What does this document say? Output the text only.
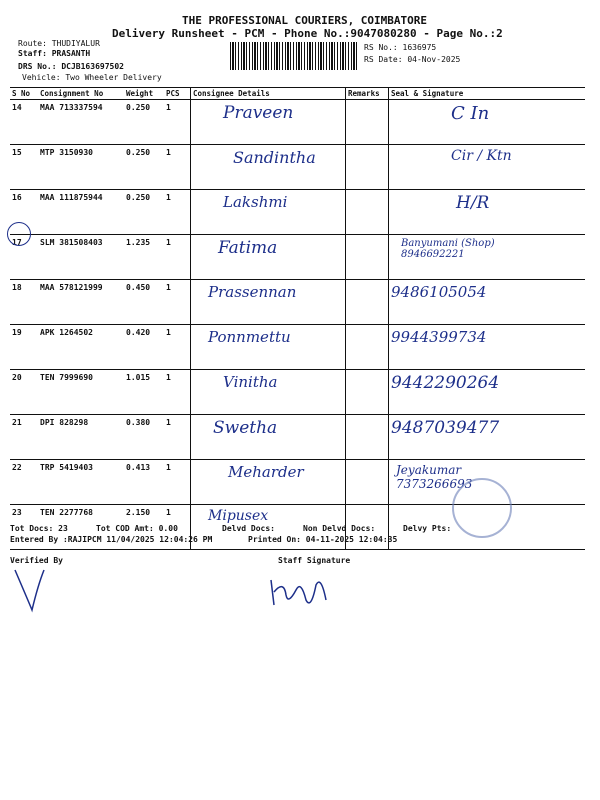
THE PROFESSIONAL COURIERS, COIMBATORE
Delivery Runsheet - PCM - Phone No.:9047080280 - Page No.:2
Route: THUDIYALUR
Staff: PRASANTH
DRS No.: DCJB163697502
Vehicle: Two Wheeler Delivery
RS No.: 1636975
RS Date: 04-Nov-2025
S No	Consignment No	Weight	PCS	Consignee Details	Remarks	Seal & Signature
14	MAA 713337594	0.250	1	Praveen		C In
15	MTP 3150930	0.250	1	Sandintha		Cir / Ktn
16	MAA 111875944	0.250	1	Lakshmi		H/R
17	SLM 381508403	1.235	1	Fatima		Banyumani (Shop) 8946692221
18	MAA 578121999	0.450	1	Prassennan		9486105054
19	APK 1264502	0.420	1	Ponnmettu		9944399734
20	TEN 7999690	1.015	1	Vinitha		9442290264
21	DPI 828298	0.380	1	Swetha		9487039477
22	TRP 5419403	0.413	1	Meharder		Jeyakumar 7373266693
23	TEN 2277768	2.150	1	Mipusex		
Tot Docs: 23	Tot COD Amt: 0.00	Delvd Docs:	Non Delvd Docs:	Delvy Pts:
Entered By :RAJIPCM 11/04/2025 12:04:26 PM	Printed On: 04-11-2025 12:04:35
Verified By	Staff Signature
